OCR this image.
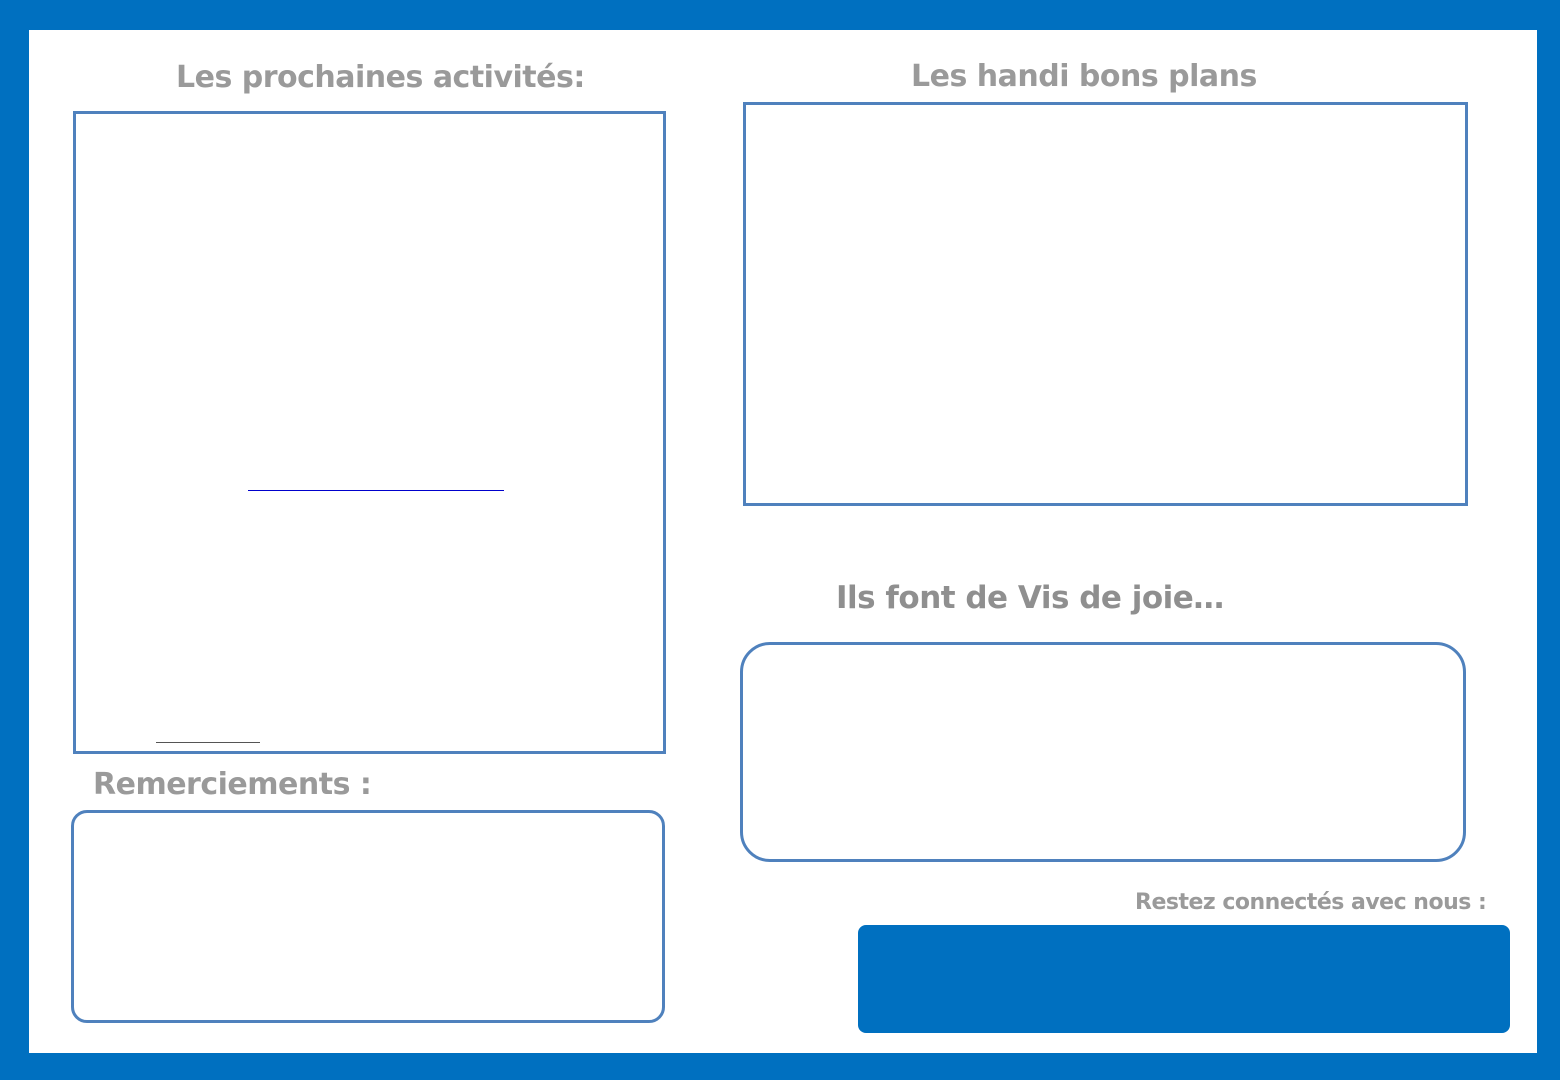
Les prochaines activités:
Remerciements :
Les handi bons plans
Ils font de Vis de joie…
Restez connectés avec nous :
